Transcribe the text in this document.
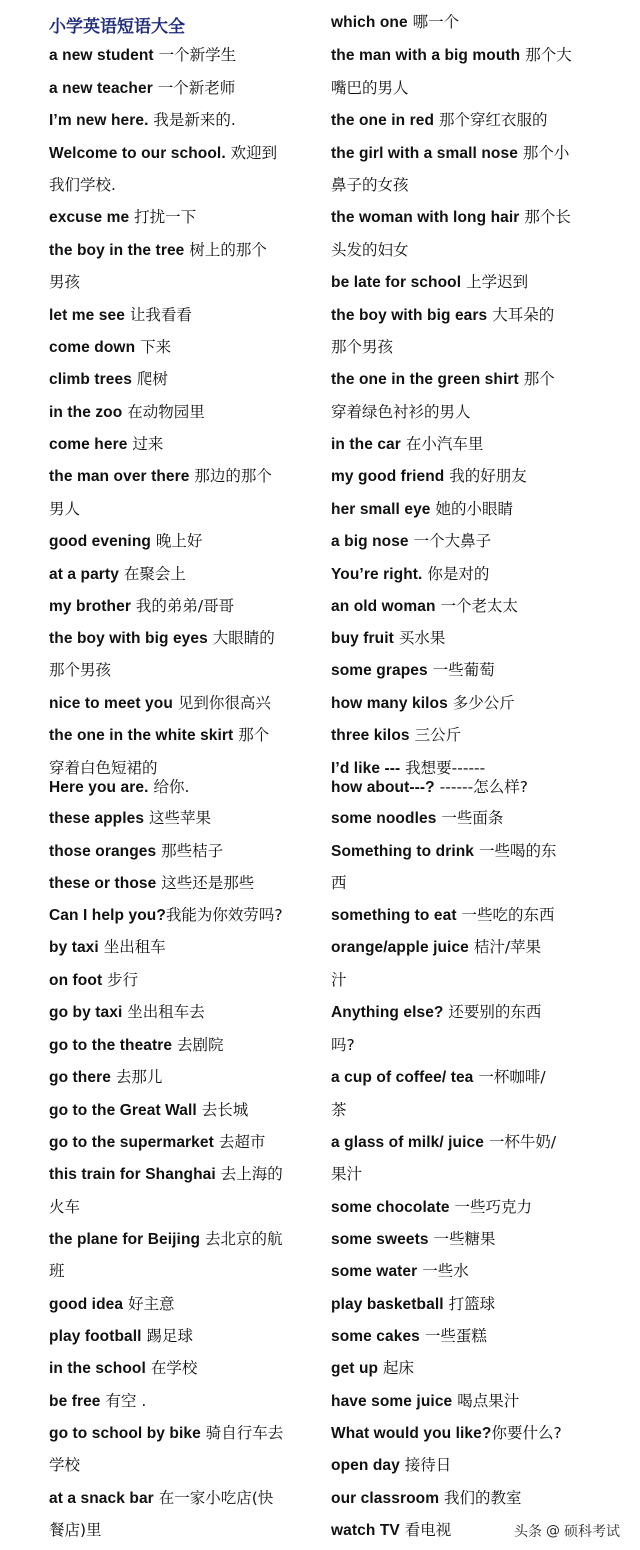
小学英语短语大全
a new student 一个新学生
a new teacher 一个新老师
I’m new here. 我是新来的.
Welcome to our school. 欢迎到
我们学校.
excuse me 打扰一下
the boy in the tree 树上的那个
男孩
let me see 让我看看
come down 下来
climb trees 爬树
in the zoo 在动物园里
come here 过来
the man over there 那边的那个
男人
good evening 晚上好
at a party 在聚会上
my brother 我的弟弟/哥哥
the boy with big eyes 大眼睛的
那个男孩
nice to meet you 见到你很高兴
the one in the white skirt 那个
穿着白色短裙的
Here you are. 给你.
these apples 这些苹果
those oranges 那些桔子
these or those 这些还是那些
Can I help you?我能为你效劳吗?
by taxi 坐出租车
on foot 步行
go by taxi 坐出租车去
go to the theatre 去剧院
go there 去那儿
go to the Great Wall 去长城
go to the supermarket 去超市
this train for Shanghai 去上海的
火车
the plane for Beijing 去北京的航
班
good idea 好主意
play football 踢足球
in the school 在学校
be free 有空 .
go to school by bike 骑自行车去
学校
at a snack bar 在一家小吃店(快
餐店)里
which one 哪一个
the man with a big mouth 那个大
嘴巴的男人
the one in red 那个穿红衣服的
the girl with a small nose 那个小
鼻子的女孩
the woman with long hair 那个长
头发的妇女
be late for school 上学迟到
the boy with big ears 大耳朵的
那个男孩
the one in the green shirt 那个
穿着绿色衬衫的男人
in the car 在小汽车里
my good friend 我的好朋友
her small eye 她的小眼睛
a big nose 一个大鼻子
You’re right. 你是对的
an old woman 一个老太太
buy fruit 买水果
some grapes 一些葡萄
how many kilos 多少公斤
three kilos 三公斤
I’d like --- 我想要------
how about---? ------怎么样?
some noodles 一些面条
Something to drink 一些喝的东
西
something to eat 一些吃的东西
orange/apple juice 桔汁/苹果
汁
Anything else? 还要别的东西
吗?
a cup of coffee/ tea 一杯咖啡/
茶
a glass of milk/ juice 一杯牛奶/
果汁
some chocolate 一些巧克力
some sweets 一些糖果
some water 一些水
play basketball 打篮球
some cakes 一些蛋糕
get up 起床
have some juice 喝点果汁
What would you like?你要什么?
open day 接待日
our classroom 我们的教室
watch TV 看电视	头条 @ 硕科考试
